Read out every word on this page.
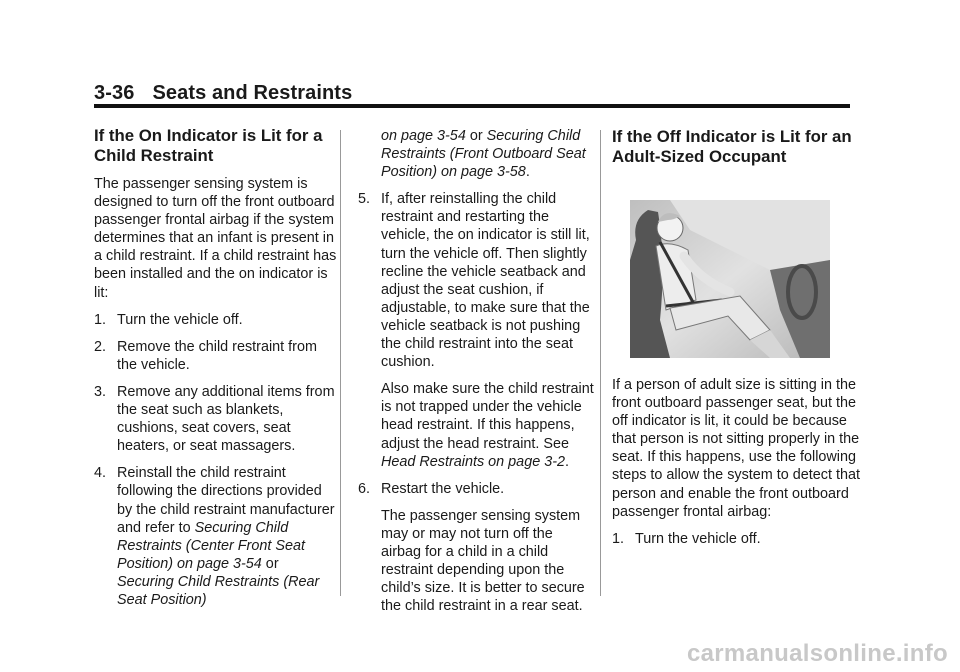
3-36 Seats and Restraints
If the On Indicator is Lit for a Child Restraint

The passenger sensing system is designed to turn off the front outboard passenger frontal airbag if the system determines that an infant is present in a child restraint. If a child restraint has been installed and the on indicator is lit:

1. Turn the vehicle off.
2. Remove the child restraint from the vehicle.
3. Remove any additional items from the seat such as blankets, cushions, seat covers, seat heaters, or seat massagers.
4. Reinstall the child restraint following the directions provided by the child restraint manufacturer and refer to Securing Child Restraints (Center Front Seat Position) on page 3-54 or Securing Child Restraints (Rear Seat Position)

on page 3-54 or Securing Child Restraints (Front Outboard Seat Position) on page 3-58.

5. If, after reinstalling the child restraint and restarting the vehicle, the on indicator is still lit, turn the vehicle off. Then slightly recline the vehicle seatback and adjust the seat cushion, if adjustable, to make sure that the vehicle seatback is not pushing the child restraint into the seat cushion.

Also make sure the child restraint is not trapped under the vehicle head restraint. If this happens, adjust the head restraint. See Head Restraints on page 3-2.

6. Restart the vehicle.

The passenger sensing system may or may not turn off the airbag for a child in a child restraint depending upon the child’s size. It is better to secure the child restraint in a rear seat.

If the Off Indicator is Lit for an Adult-Sized Occupant

If a person of adult size is sitting in the front outboard passenger seat, but the off indicator is lit, it could be because that person is not sitting properly in the seat. If this happens, use the following steps to allow the system to detect that person and enable the front outboard passenger frontal airbag:

1. Turn the vehicle off.
carmanualsonline.info
